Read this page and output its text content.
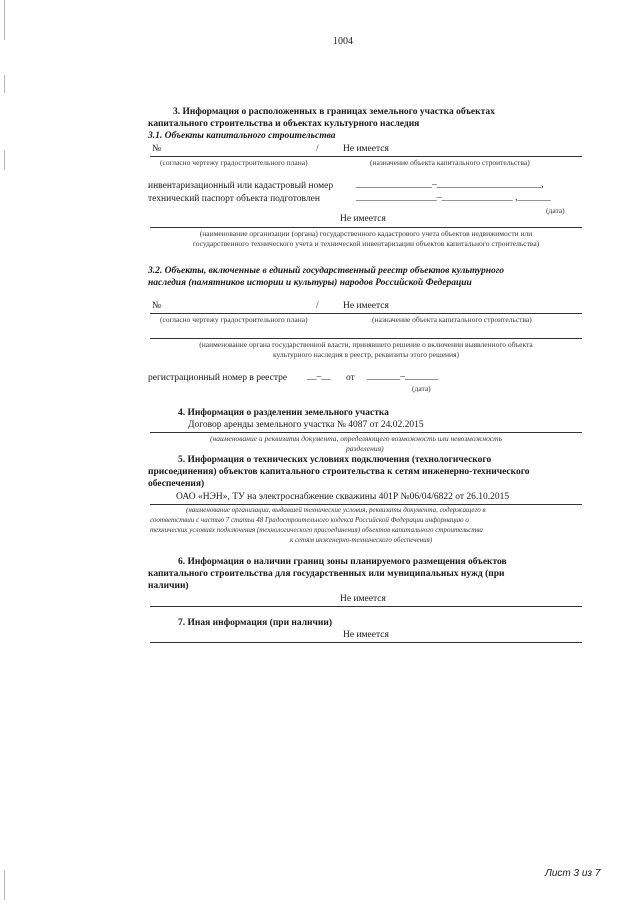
1004
3. Информация о расположенных в границах земельного участка объектах
капитального строительства и объектах культурного наследия
3.1. Объекты капитального строительства
№	/	Не имеется
(согласно чертежу градостроительного плана)	(назначение объекта капитального строительства)
инвентаризационный или кадастровый номер ________________–______________________,
технический паспорт объекта подготовлен	_________________–_______________ ,_______
(дата)
Не имеется
(наименование организации (органа) государственного кадастрового учета объектов недвижимости или
государственного технического учета и технической инвентаризации объектов капитального строительства)
3.2. Объекты, включенные в единый государственный реестр объектов культурного
наследия (памятников истории и культуры) народов Российской Федерации
№	/	Не имеется
(согласно чертежу градостроительного плана)	(назначение объекта капитального строительства)
(наименование органа государственной власти, принявшего решение о включении выявленного объекта
культурного наследия в реестр, реквизиты этого решения)
регистрационный номер в реестре __–__ от _______–_______
(дата)
4. Информация о разделении земельного участка
Договор аренды земельного участка № 4087 от 24.02.2015
(наименование и реквизиты документа, определяющего возможность или невозможность
разделения)
5. Информация о технических условиях подключения (технологического
присоединения) объектов капитального строительства к сетям инженерно-технического
обеспечения)
ОАО «НЭН», ТУ на электроснабжение скважины 401Р №06/04/6822 от 26.10.2015
(наименование организации, выдавшей технические условия, реквизиты документа, содержащего в
соответствии с частью 7 статьи 48 Градостроительного кодекса Российской Федерации информацию о
технических условиях подключения (технологического присоединения) объектов капитального строительства
к сетям инженерно-технического обеспечения)
6. Информация о наличии границ зоны планируемого размещения объектов
капитального строительства для государственных или муниципальных нужд (при
наличии)
Не имеется
7. Иная информация (при наличии)
Не имеется
Лист 3 из 7
